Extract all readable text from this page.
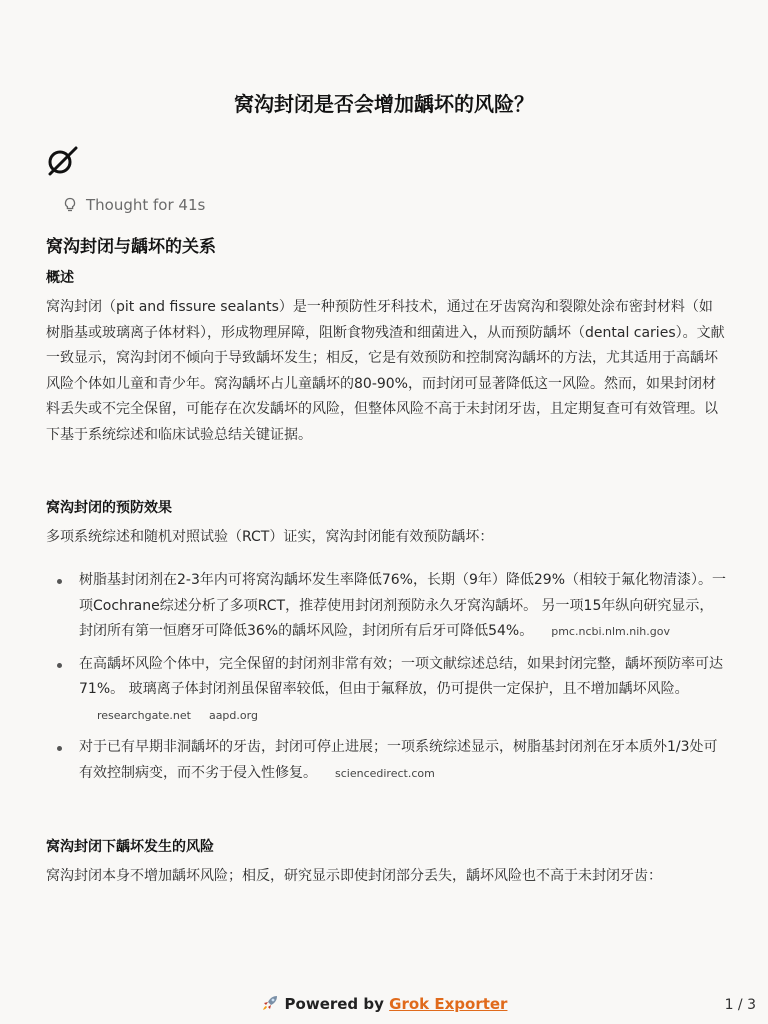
窝沟封闭是否会增加龋坏的风险？
Thought for 41s
窝沟封闭与龋坏的关系
概述
窝沟封闭（pit and fissure sealants）是一种预防性牙科技术，通过在牙齿窝沟和裂隙处涂布密封材料（如树脂基或玻璃离子体材料），形成物理屏障，阻断食物残渣和细菌进入，从而预防龋坏（dental caries）。文献一致显示，窝沟封闭不倾向于导致龋坏发生；相反，它是有效预防和控制窝沟龋坏的方法，尤其适用于高龋坏风险个体如儿童和青少年。窝沟龋坏占儿童龋坏的80-90%，而封闭可显著降低这一风险。然而，如果封闭材料丢失或不完全保留，可能存在次发龋坏的风险，但整体风险不高于未封闭牙齿，且定期复查可有效管理。以下基于系统综述和临床试验总结关键证据。
窝沟封闭的预防效果
多项系统综述和随机对照试验（RCT）证实，窝沟封闭能有效预防龋坏：
树脂基封闭剂在2-3年内可将窝沟龋坏发生率降低76%，长期（9年）降低29%（相较于氟化物清漆）。一项Cochrane综述分析了多项RCT，推荐使用封闭剂预防永久牙窝沟龋坏。 另一项15年纵向研究显示，封闭所有第一恒磨牙可降低36%的龋坏风险，封闭所有后牙可降低54%。 pmc.ncbi.nlm.nih.gov
在高龋坏风险个体中，完全保留的封闭剂非常有效；一项文献综述总结，如果封闭完整，龋坏预防率可达71%。 玻璃离子体封闭剂虽保留率较低，但由于氟释放，仍可提供一定保护，且不增加龋坏风险。researchgate.net aapd.org
对于已有早期非洞龋坏的牙齿，封闭可停止进展；一项系统综述显示，树脂基封闭剂在牙本质外1/3处可有效控制病变，而不劣于侵入性修复。 sciencedirect.com
窝沟封闭下龋坏发生的风险
窝沟封闭本身不增加龋坏风险；相反，研究显示即使封闭部分丢失，龋坏风险也不高于未封闭牙齿：
Powered by Grok Exporter	1 / 3
